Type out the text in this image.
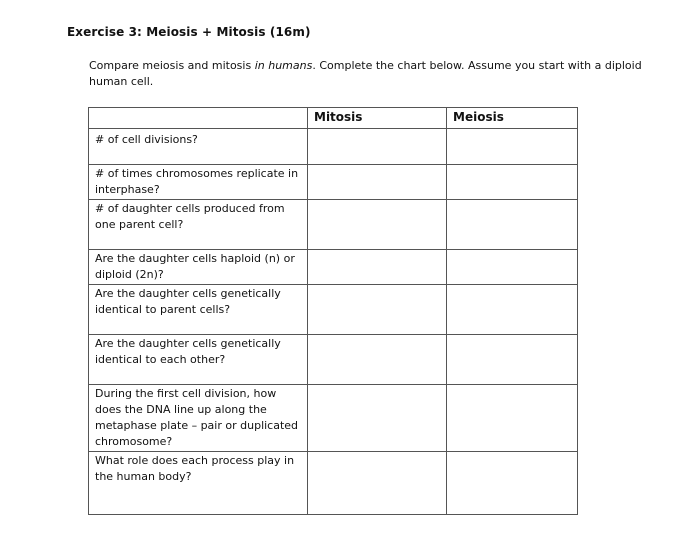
Exercise 3: Meiosis + Mitosis (16m)
Compare meiosis and mitosis in humans. Complete the chart below. Assume you start with a diploid human cell.
	Mitosis	Meiosis
# of cell divisions?		
# of times chromosomes replicate in interphase?		
# of daughter cells produced from one parent cell?		
Are the daughter cells haploid (n) or diploid (2n)?		
Are the daughter cells genetically identical to parent cells?		
Are the daughter cells genetically identical to each other?		
During the first cell division, how does the DNA line up along the metaphase plate – pair or duplicated chromosome?		
What role does each process play in the human body?		
